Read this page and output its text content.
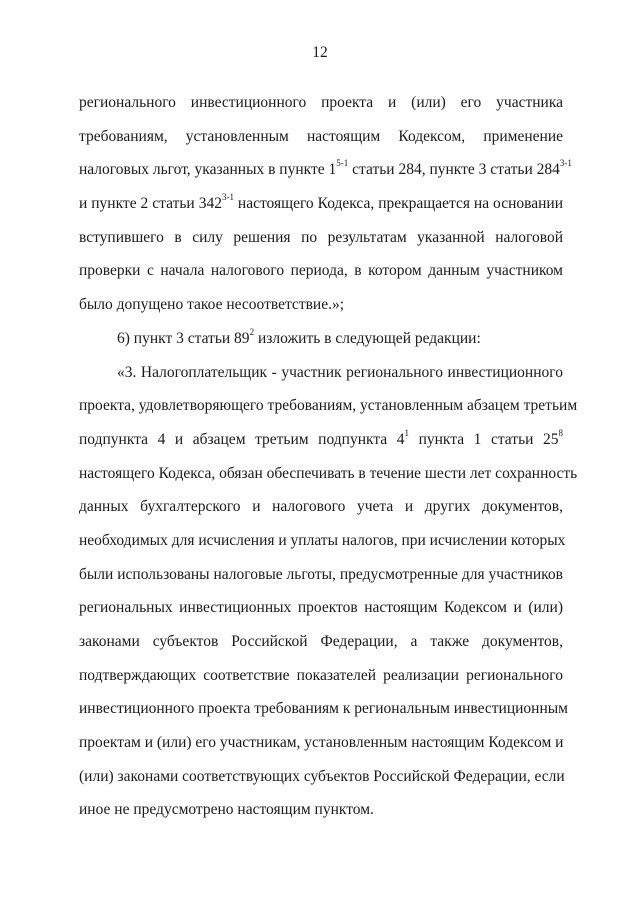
12
регионального инвестиционного проекта и (или) его участника
требованиям, установленным настоящим Кодексом, применение
налоговых льгот, указанных в пункте 1$^{5-1}$ статьи 284, пункте 3 статьи 284$^{3-1}$
и пункте 2 статьи 342$^{3-1}$ настоящего Кодекса, прекращается на основании
вступившего в силу решения по результатам указанной налоговой
проверки с начала налогового периода, в котором данным участником
было допущено такое несоответствие.»;
6) пункт 3 статьи $89^2$ изложить в следующей редакции:
«3. Налогоплательщик - участник регионального инвестиционного
проекта, удовлетворяющего требованиям, установленным абзацем третьим
подпункта 4 и абзацем третьим подпункта $4^1$ пункта 1 статьи $25^8$
настоящего Кодекса, обязан обеспечивать в течение шести лет сохранность
данных бухгалтерского и налогового учета и других документов,
необходимых для исчисления и уплаты налогов, при исчислении которых
были использованы налоговые льготы, предусмотренные для участников
региональных инвестиционных проектов настоящим Кодексом и (или)
законами субъектов Российской Федерации, а также документов,
подтверждающих соответствие показателей реализации регионального
инвестиционного проекта требованиям к региональным инвестиционным
проектам и (или) его участникам, установленным настоящим Кодексом и
(или) законами соответствующих субъектов Российской Федерации, если
иное не предусмотрено настоящим пунктом.
